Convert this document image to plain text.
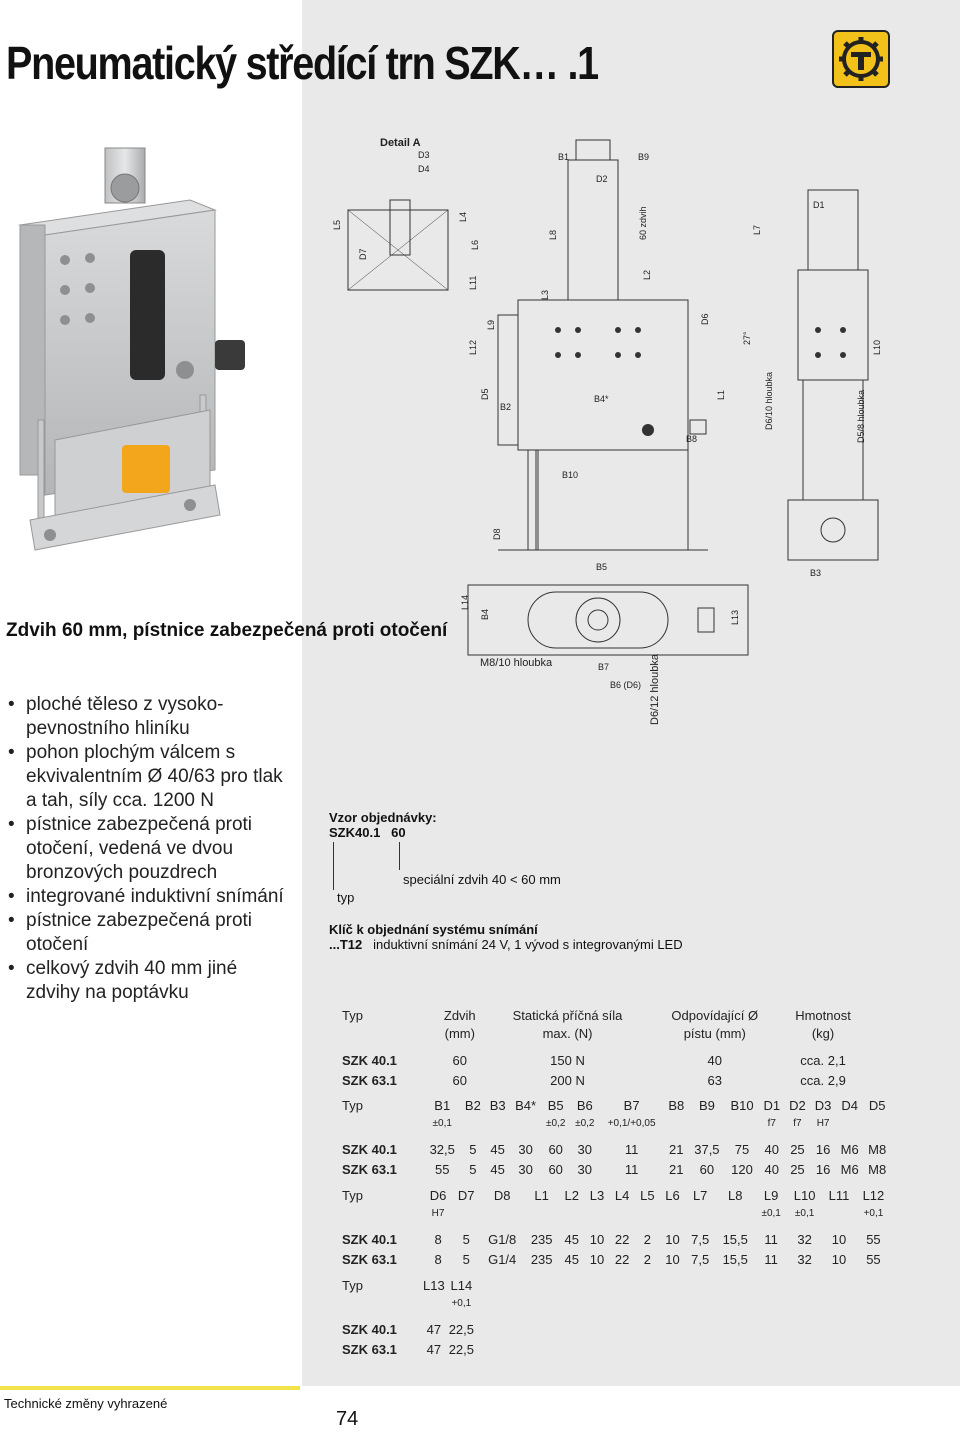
Pneumatický středící trn SZK… .1
Zdvih 60 mm, pístnice zabezpečená proti otočení
• ploché těleso z vysoko-pevnostního hliníku
• pohon plochým válcem s ekvivalentním Ø 40/63 pro tlak a tah, síly cca. 1200 N
• pístnice zabezpečená proti otočení, vedená ve dvou bronzových pouzdrech
• integrované induktivní snímání
• pístnice zabezpečená proti otočení
• celkový zdvih 40 mm jiné zdvihy na poptávku
Detail A
D3
D4
B1	B9
D2
D1
60 zdvih
L5
D7
L4
L6
L8
L2
L7
L11
L3
L9
L12
D6
L10
D5
B2
B4*	L1
B8
B10
D8
D6/10 hloubka	D5/8 hloubka
27°
B5
B3
L14
B4	L13
B7
B6 (D6)
M8/10 hloubka	D6/12 hloubka
Vzor objednávky:
SZK40.1 60
speciální zdvih 40 < 60 mm
typ
Klíč k objednání systému snímání
...T12 induktivní snímání 24 V, 1 vývod s integrovanými LED
Typ	Zdvih	Statická příčná síla	Odpovídající Ø	Hmotnost
	(mm)	max. (N)	pístu (mm)	(kg)

SZK 40.1	60	150 N	40	cca. 2,1
SZK 63.1	60	200 N	63	cca. 2,9
Typ	B1	B2	B3	B4*	B5	B6	B7	B8	B9	B10	D1	D2	D3	D4	D5
	±0,1				±0,2	±0,2	+0,1/+0,05				f7	f7	H7		

SZK 40.1	32,5	5	45	30	60	30	11	21	37,5	75	40	25	16	M6	M8
SZK 63.1	55	5	45	30	60	30	11	21	60	120	40	25	16	M6	M8
Typ	D6	D7	D8	L1	L2	L3	L4	L5	L6	L7	L8	L9	L10	L11	L12
	H7											±0,1	±0,1		+0,1

SZK 40.1	8	5	G1/8	235	45	10	22	2	10	7,5	15,5	11	32	10	55
SZK 63.1	8	5	G1/4	235	45	10	22	2	10	7,5	15,5	11	32	10	55
Typ	L13	L14
		+0,1

SZK 40.1	47	22,5
SZK 63.1	47	22,5
Technické změny vyhrazené
74
